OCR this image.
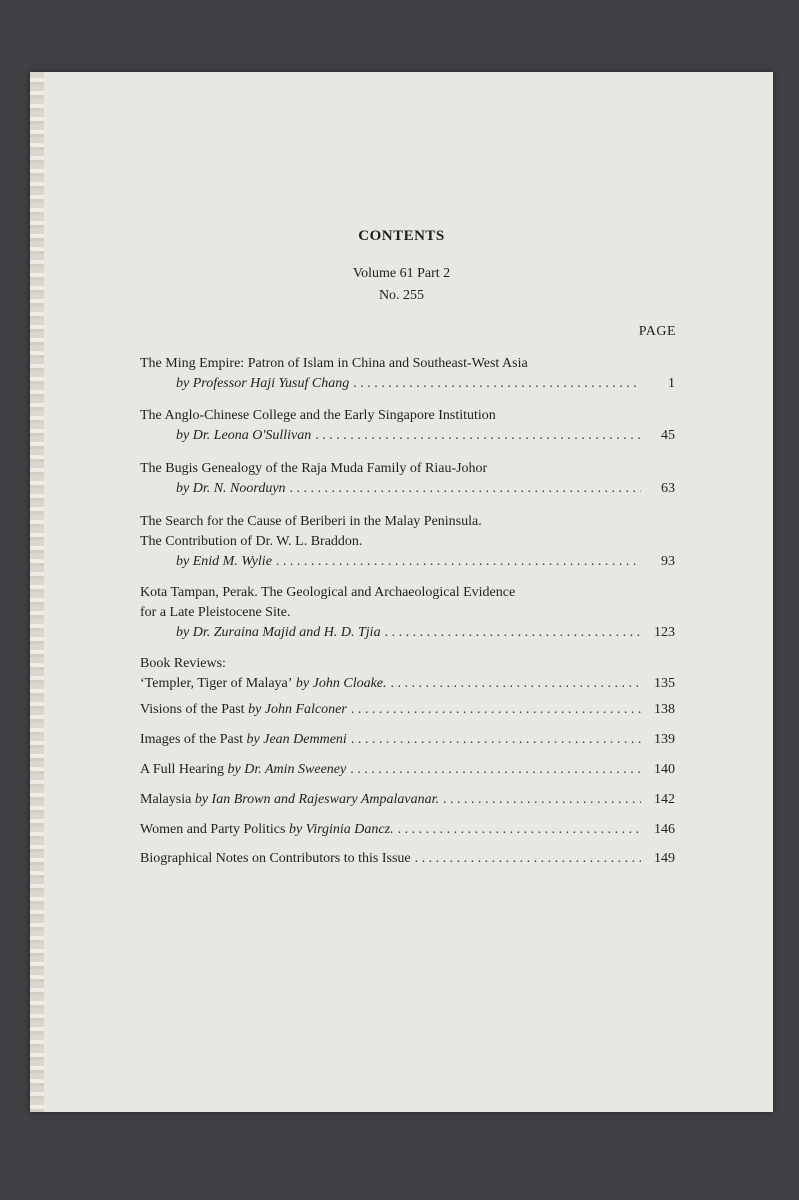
CONTENTS
Volume 61 Part 2
No. 255
PAGE
The Ming Empire: Patron of Islam in China and Southeast-West Asia
by Professor Haji Yusuf Chang . . .	1
The Anglo-Chinese College and the Early Singapore Institution
by Dr. Leona O'Sullivan . . .	45
The Bugis Genealogy of the Raja Muda Family of Riau-Johor
by Dr. N. Noorduyn . . .	63
The Search for the Cause of Beriberi in the Malay Peninsula.
The Contribution of Dr. W. L. Braddon.
by Enid M. Wylie . . .	93
Kota Tampan, Perak. The Geological and Archaeological Evidence
for a Late Pleistocene Site.
by Dr. Zuraina Majid and H. D. Tjia . . .	123
Book Reviews:
‘Templer, Tiger of Malaya’
by John Cloake. . . .	135
Visions of the Past
by John Falconer . . .	138
Images of the Past
by Jean Demmeni . . .	139
A Full Hearing
by Dr. Amin Sweeney . . .	140
Malaysia
by Ian Brown and Rajeswary Ampalavanar. . . .	142
Women and Party Politics
by Virginia Dancz. . . .	146
Biographical Notes on Contributors to this Issue . . .	149
